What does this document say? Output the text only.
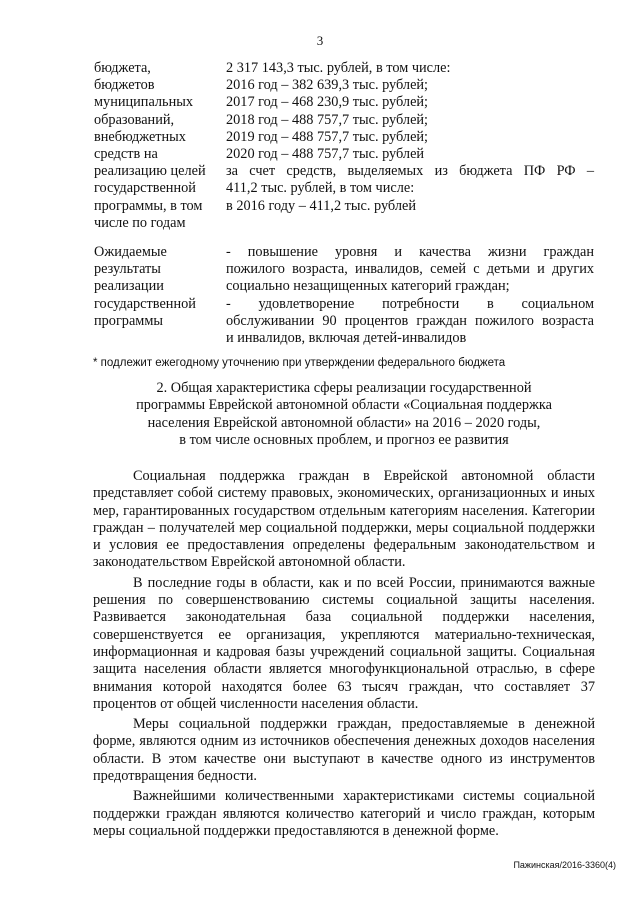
3
бюджета,
бюджетов
муниципальных
образований,
внебюджетных
средств на
реализацию целей
государственной
программы, в том
числе по годам
2 317 143,3 тыс. рублей, в том числе:
2016 год – 382 639,3 тыс. рублей;
2017 год – 468 230,9 тыс. рублей;
2018 год – 488 757,7 тыс. рублей;
2019 год – 488 757,7 тыс. рублей;
2020 год – 488 757,7 тыс. рублей
за счет средств, выделяемых из бюджета ПФ РФ –
411,2 тыс. рублей, в том числе:
в 2016 году – 411,2 тыс. рублей
Ожидаемые
результаты
реализации
государственной
программы
- повышение уровня и качества жизни граждан
пожилого возраста, инвалидов, семей с детьми и других
социально незащищенных категорий граждан;
- удовлетворение потребности в социальном
обслуживании 90 процентов граждан пожилого возраста
и инвалидов, включая детей-инвалидов
* подлежит ежегодному уточнению при утверждении федерального бюджета
2. Общая характеристика сферы реализации государственной
программы Еврейской автономной области «Социальная поддержка
населения Еврейской автономной области» на 2016 – 2020 годы,
в том числе основных проблем, и прогноз ее развития

Социальная поддержка граждан в Еврейской автономной области представляет собой систему правовых, экономических, организационных и иных мер, гарантированных государством отдельным категориям населения. Категории граждан – получателей мер социальной поддержки, меры социальной поддержки и условия ее предоставления определены федеральным законодательством и законодательством Еврейской автономной области.

В последние годы в области, как и по всей России, принимаются важные решения по совершенствованию системы социальной защиты населения. Развивается законодательная база социальной поддержки населения, совершенствуется ее организация, укрепляются материально-техническая, информационная и кадровая базы учреждений социальной защиты. Социальная защита населения области является многофункциональной отраслью, в сфере внимания которой находятся более 63 тысяч граждан, что составляет 37 процентов от общей численности населения области.

Меры социальной поддержки граждан, предоставляемые в денежной форме, являются одним из источников обеспечения денежных доходов населения области. В этом качестве они выступают в качестве одного из инструментов предотвращения бедности.

Важнейшими количественными характеристиками системы социальной поддержки граждан являются количество категорий и число граждан, которым меры социальной поддержки предоставляются в денежной форме.

Пажинская/2016-3360(4)
